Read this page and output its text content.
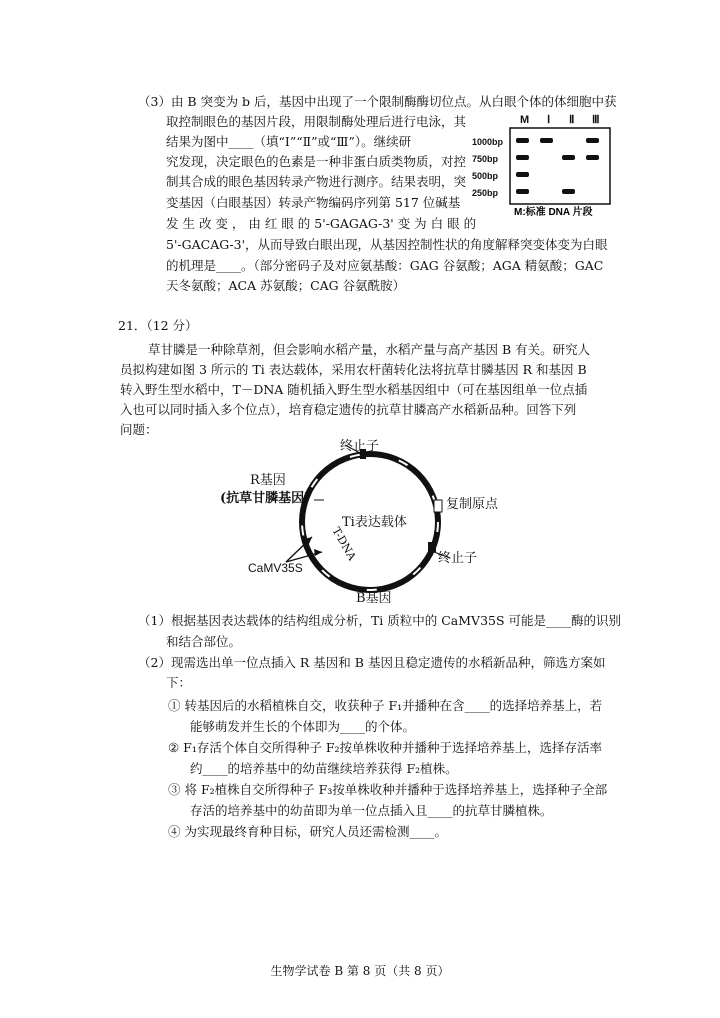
（3）由 B 突变为 b 后，基因中出现了一个限制酶酶切位点。从白眼个体的体细胞中获
取控制眼色的基因片段，用限制酶处理后进行电泳，其
结果为图中____（填“Ⅰ”“Ⅱ”或“Ⅲ”）。继续研
究发现，决定眼色的色素是一种非蛋白质类物质，对控
制其合成的眼色基因转录产物进行测序。结果表明，突
变基因（白眼基因）转录产物编码序列第 517 位碱基
发 生 改 变 ， 由 红 眼 的 5'-GAGAG-3' 变 为 白 眼 的
5'-GACAG-3'，从而导致白眼出现，从基因控制性状的角度解释突变体变为白眼
的机理是____。（部分密码子及对应氨基酸：GAG 谷氨酸；AGA 精氨酸；GAC
天冬氨酸；ACA 苏氨酸；CAG 谷氨酰胺）
M Ⅰ Ⅱ Ⅲ
1000bp
750bp
500bp
250bp
M:标准 DNA 片段
21．（12 分）
草甘膦是一种除草剂，但会影响水稻产量，水稻产量与高产基因 B 有关。研究人
员拟构建如图 3 所示的 Ti 表达载体，采用农杆菌转化法将抗草甘膦基因 R 和基因 B
转入野生型水稻中，T－DNA 随机插入野生型水稻基因组中（可在基因组单一位点插
入也可以同时插入多个位点），培育稳定遗传的抗草甘膦高产水稻新品种。回答下列
问题：
终止子
R基因
(抗草甘膦基因)	复制原点
Ti表达载体
终止子
CaMV35S
B基因
T-DNA
（1）根据基因表达载体的结构组成分析，Ti 质粒中的 CaMV35S 可能是____酶的识别
和结合部位。
（2）现需选出单一位点插入 R 基因和 B 基因且稳定遗传的水稻新品种，筛选方案如
下：
① 转基因后的水稻植株自交，收获种子 F₁并播种在含____的选择培养基上，若
能够萌发并生长的个体即为____的个体。
② F₁存活个体自交所得种子 F₂按单株收种并播种于选择培养基上，选择存活率
约____的培养基中的幼苗继续培养获得 F₂植株。
③ 将 F₂植株自交所得种子 F₃按单株收种并播种于选择培养基上，选择种子全部
存活的培养基中的幼苗即为单一位点插入且____的抗草甘膦植株。
④ 为实现最终育种目标，研究人员还需检测____。
生物学试卷 B 第 8 页（共 8 页）
